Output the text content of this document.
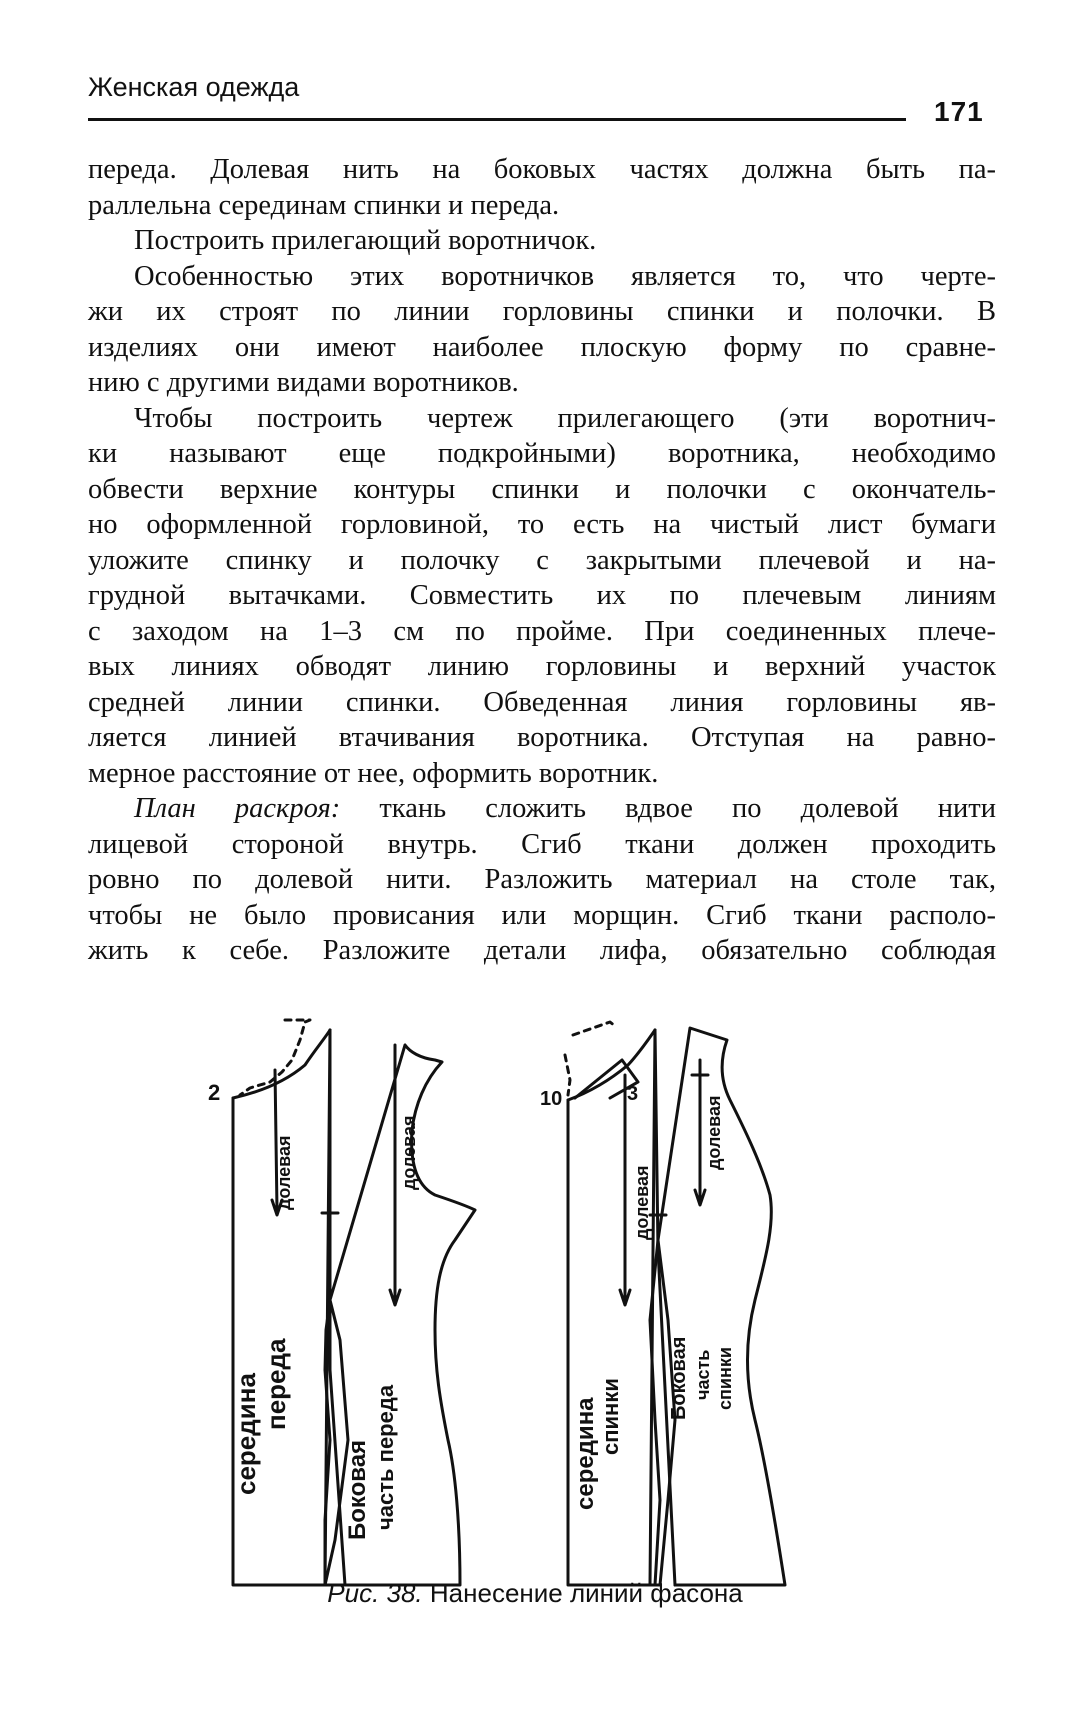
Женская одежда
171
переда. Долевая нить на боковых частях должна быть па-
раллельна серединам спинки и переда.
Построить прилегающий воротничок.
Особенностью этих воротничков является то, что черте-
жи их строят по линии горловины спинки и полочки. В
изделиях они имеют наиболее плоскую форму по сравне-
нию с другими видами воротников.
Чтобы построить чертеж прилегающего (эти воротнич-
ки называют еще подкройными) воротника, необходимо
обвести верхние контуры спинки и полочки с окончатель-
но оформленной горловиной, то есть на чистый лист бумаги
уложите спинку и полочку с закрытыми плечевой и на-
грудной вытачками. Совместить их по плечевым линиям
с заходом на 1–3 см по пройме. При соединенных плече-
вых линиях обводят линию горловины и верхний участок
средней линии спинки. Обведенная линия горловины яв-
ляется линией втачивания воротника. Отступая на равно-
мерное расстояние от нее, оформить воротник.
План раскроя: ткань сложить вдвое по долевой нити
лицевой стороной внутрь. Сгиб ткани должен проходить
ровно по долевой нити. Разложить материал на столе так,
чтобы не было провисания или морщин. Сгиб ткани располо-
жить к себе. Разложите детали лифа, обязательно соблюдая
2
середина переда
долевая
Боковая часть переда
долевая
10	3
середина спинки
долевая
Боковая часть спинки
долевая
Рис. 38. Нанесение линий фасона
